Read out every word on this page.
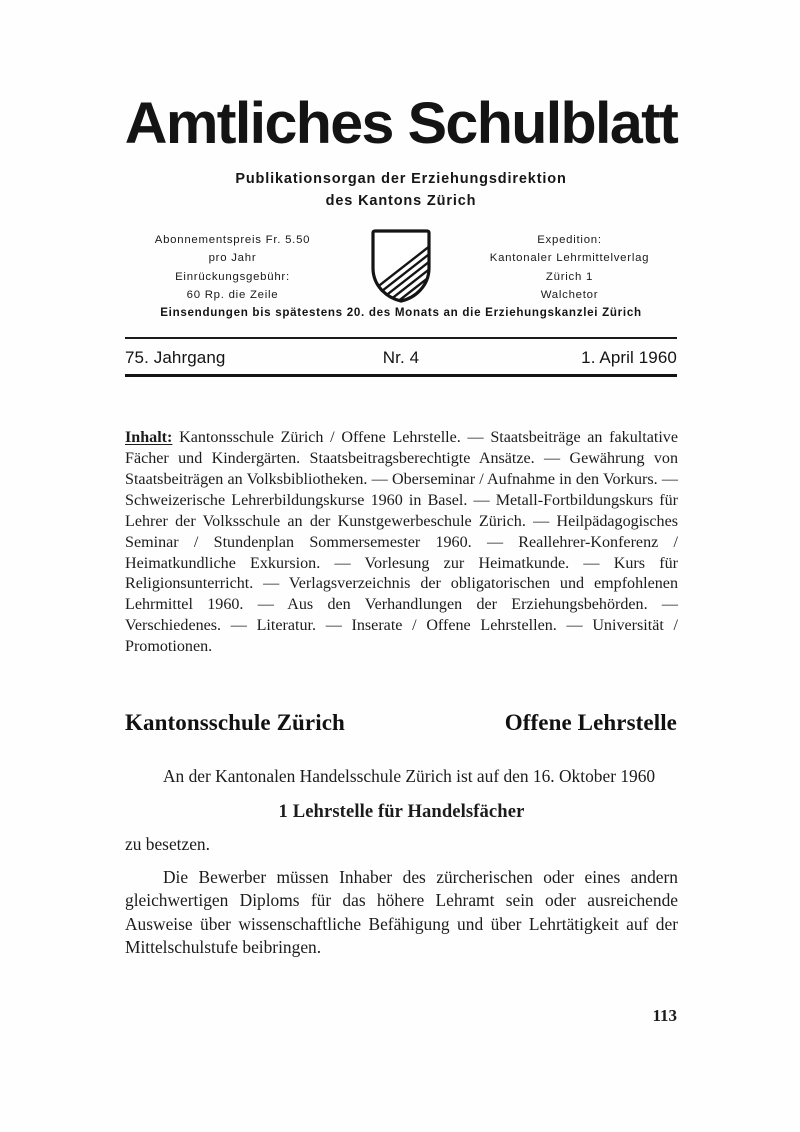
Amtliches Schulblatt
Publikationsorgan der Erziehungsdirektion
des Kantons Zürich
Abonnementspreis Fr. 5.50
pro Jahr
Einrückungsgebühr:
60 Rp. die Zeile
Expedition:
Kantonaler Lehrmittelverlag
Zürich 1
Walchetor
Einsendungen bis spätestens 20. des Monats an die Erziehungskanzlei Zürich
75. Jahrgang	Nr. 4	1. April 1960
Inhalt: Kantonsschule Zürich / Offene Lehrstelle. — Staatsbeiträge an fakultative Fächer und Kindergärten. Staatsbeitragsberechtigte Ansätze. — Gewährung von Staatsbeiträgen an Volksbibliotheken. — Oberseminar / Aufnahme in den Vorkurs. — Schweizerische Lehrerbildungskurse 1960 in Basel. — Metall-Fortbildungskurs für Lehrer der Volksschule an der Kunstgewerbeschule Zürich. — Heilpädagogisches Seminar / Stundenplan Sommersemester 1960. — Reallehrer-Konferenz / Heimatkundliche Exkursion. — Vorlesung zur Heimatkunde. — Kurs für Religionsunterricht. — Verlagsverzeichnis der obligatorischen und empfohlenen Lehrmittel 1960. — Aus den Verhandlungen der Erziehungsbehörden. — Verschiedenes. — Literatur. — Inserate / Offene Lehrstellen. — Universität / Promotionen.
Kantonsschule Zürich	Offene Lehrstelle

An der Kantonalen Handelsschule Zürich ist auf den 16. Oktober 1960

1 Lehrstelle für Handelsfächer

zu besetzen.

Die Bewerber müssen Inhaber des zürcherischen oder eines andern gleichwertigen Diploms für das höhere Lehramt sein oder ausreichende Ausweise über wissenschaftliche Befähigung und über Lehrtätigkeit auf der Mittelschulstufe beibringen.

113
